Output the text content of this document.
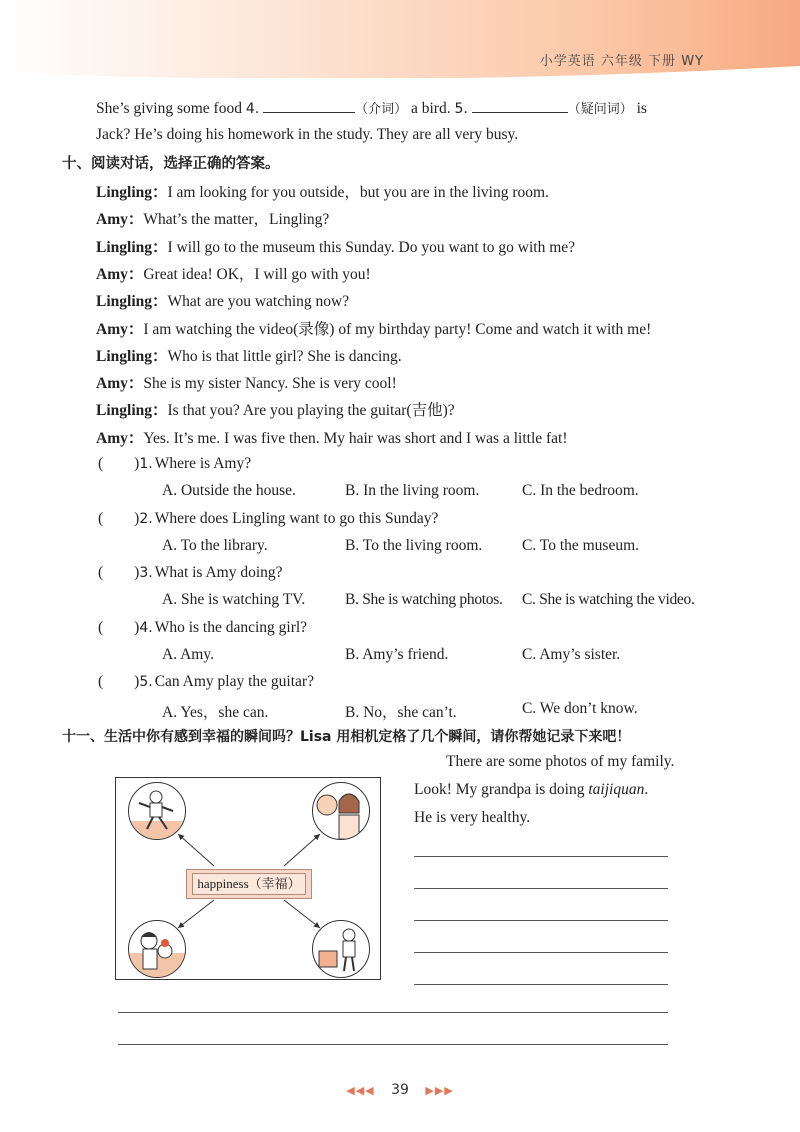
小学英语 六年级 下册 WY
She’s giving some food 4.	（介词） a bird. 5.	（疑问词） is
Jack? He’s doing his homework in the study. They are all very busy.
十、阅读对话，选择正确的答案。
Lingling：I am looking for you outside，but you are in the living room.
Amy：What’s the matter，Lingling?
Lingling：I will go to the museum this Sunday. Do you want to go with me?
Amy：Great idea! OK，I will go with you!
Lingling：What are you watching now?
Amy：I am watching the video(录像) of my birthday party! Come and watch it with me!
Lingling：Who is that little girl? She is dancing.
Amy：She is my sister Nancy. She is very cool!
Lingling：Is that you? Are you playing the guitar(吉他)?
Amy：Yes. It’s me. I was five then. My hair was short and I was a little fat!
(        )1. Where is Amy?
A. Outside the house.	B. In the living room.	C. In the bedroom.
(        )2. Where does Lingling want to go this Sunday?
A. To the library.	B. To the living room.	C. To the museum.
(        )3. What is Amy doing?
A. She is watching TV.	B. She is watching photos. C. She is watching the video.
(        )4. Who is the dancing girl?
A. Amy.	B. Amy’s friend.	C. Amy’s sister.
(        )5. Can Amy play the guitar?
A. Yes，she can.	B. No，she can’t.	C. We don’t know.
十一、生活中你有感到幸福的瞬间吗？Lisa 用相机定格了几个瞬间，请你帮她记录下来吧！
There are some photos of my family.
Look! My grandpa is doing taijiquan.
He is very healthy.
happiness（幸福）
◀◀◀ 39 ▶▶▶
